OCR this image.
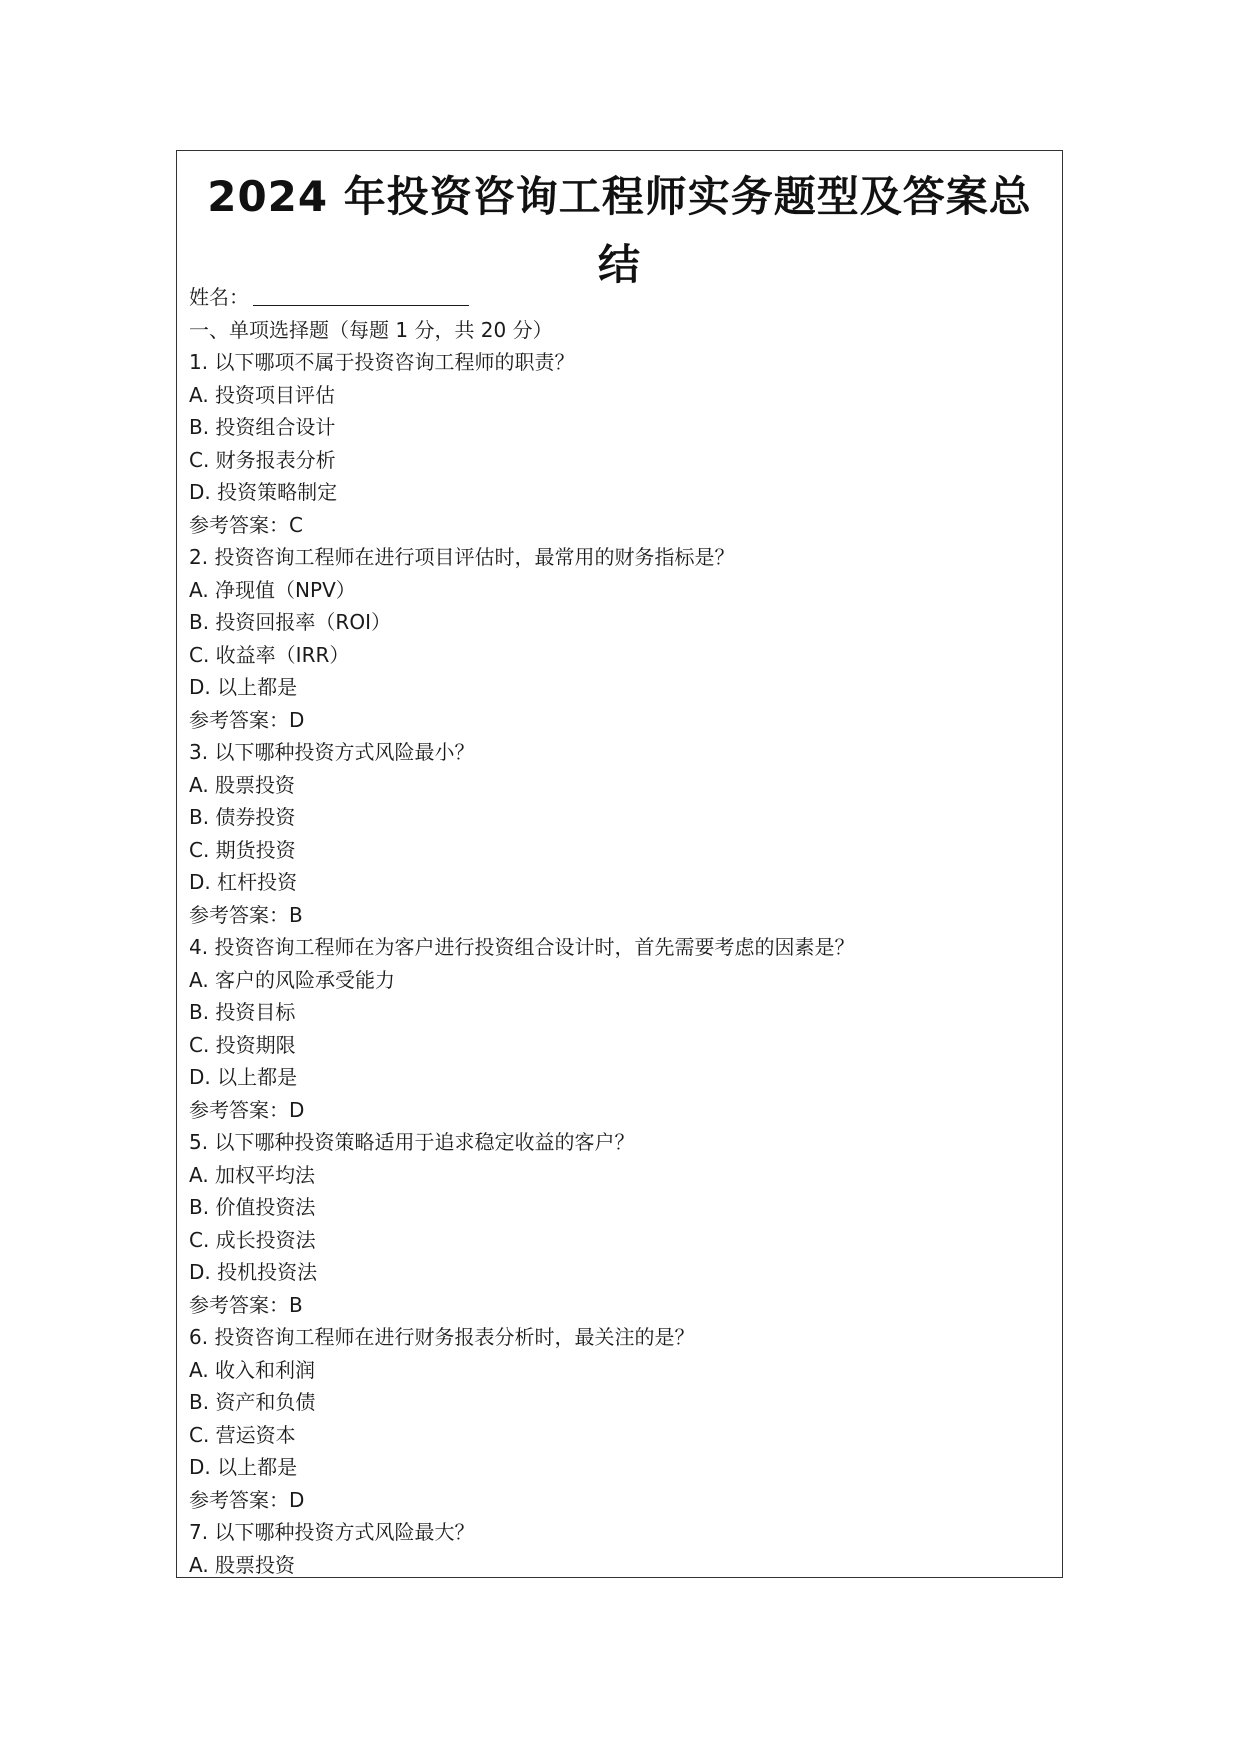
2024 年投资咨询工程师实务题型及答案总结
姓名：
一、单项选择题（每题 1 分，共 20 分）
1. 以下哪项不属于投资咨询工程师的职责？
A. 投资项目评估
B. 投资组合设计
C. 财务报表分析
D. 投资策略制定
参考答案：C
2. 投资咨询工程师在进行项目评估时，最常用的财务指标是？
A. 净现值（NPV）
B. 投资回报率（ROI）
C. 收益率（IRR）
D. 以上都是
参考答案：D
3. 以下哪种投资方式风险最小？
A. 股票投资
B. 债券投资
C. 期货投资
D. 杠杆投资
参考答案：B
4. 投资咨询工程师在为客户进行投资组合设计时，首先需要考虑的因素是？
A. 客户的风险承受能力
B. 投资目标
C. 投资期限
D. 以上都是
参考答案：D
5. 以下哪种投资策略适用于追求稳定收益的客户？
A. 加权平均法
B. 价值投资法
C. 成长投资法
D. 投机投资法
参考答案：B
6. 投资咨询工程师在进行财务报表分析时，最关注的是？
A. 收入和利润
B. 资产和负债
C. 营运资本
D. 以上都是
参考答案：D
7. 以下哪种投资方式风险最大？
A. 股票投资
